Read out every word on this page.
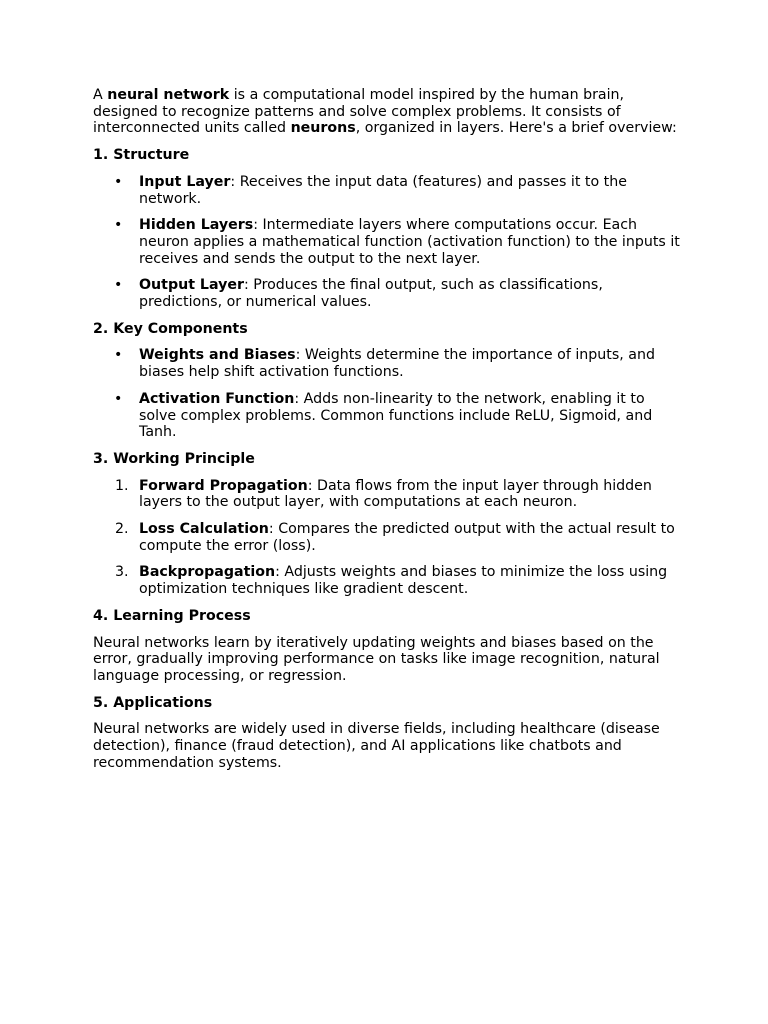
A neural network is a computational model inspired by the human brain, designed to recognize patterns and solve complex problems. It consists of interconnected units called neurons, organized in layers. Here's a brief overview:

1. Structure

• Input Layer: Receives the input data (features) and passes it to the network.
• Hidden Layers: Intermediate layers where computations occur. Each neuron applies a mathematical function (activation function) to the inputs it receives and sends the output to the next layer.
• Output Layer: Produces the final output, such as classifications, predictions, or numerical values.

2. Key Components

• Weights and Biases: Weights determine the importance of inputs, and biases help shift activation functions.
• Activation Function: Adds non-linearity to the network, enabling it to solve complex problems. Common functions include ReLU, Sigmoid, and Tanh.

3. Working Principle

1. Forward Propagation: Data flows from the input layer through hidden layers to the output layer, with computations at each neuron.
2. Loss Calculation: Compares the predicted output with the actual result to compute the error (loss).
3. Backpropagation: Adjusts weights and biases to minimize the loss using optimization techniques like gradient descent.

4. Learning Process

Neural networks learn by iteratively updating weights and biases based on the error, gradually improving performance on tasks like image recognition, natural language processing, or regression.

5. Applications

Neural networks are widely used in diverse fields, including healthcare (disease detection), finance (fraud detection), and AI applications like chatbots and recommendation systems.
